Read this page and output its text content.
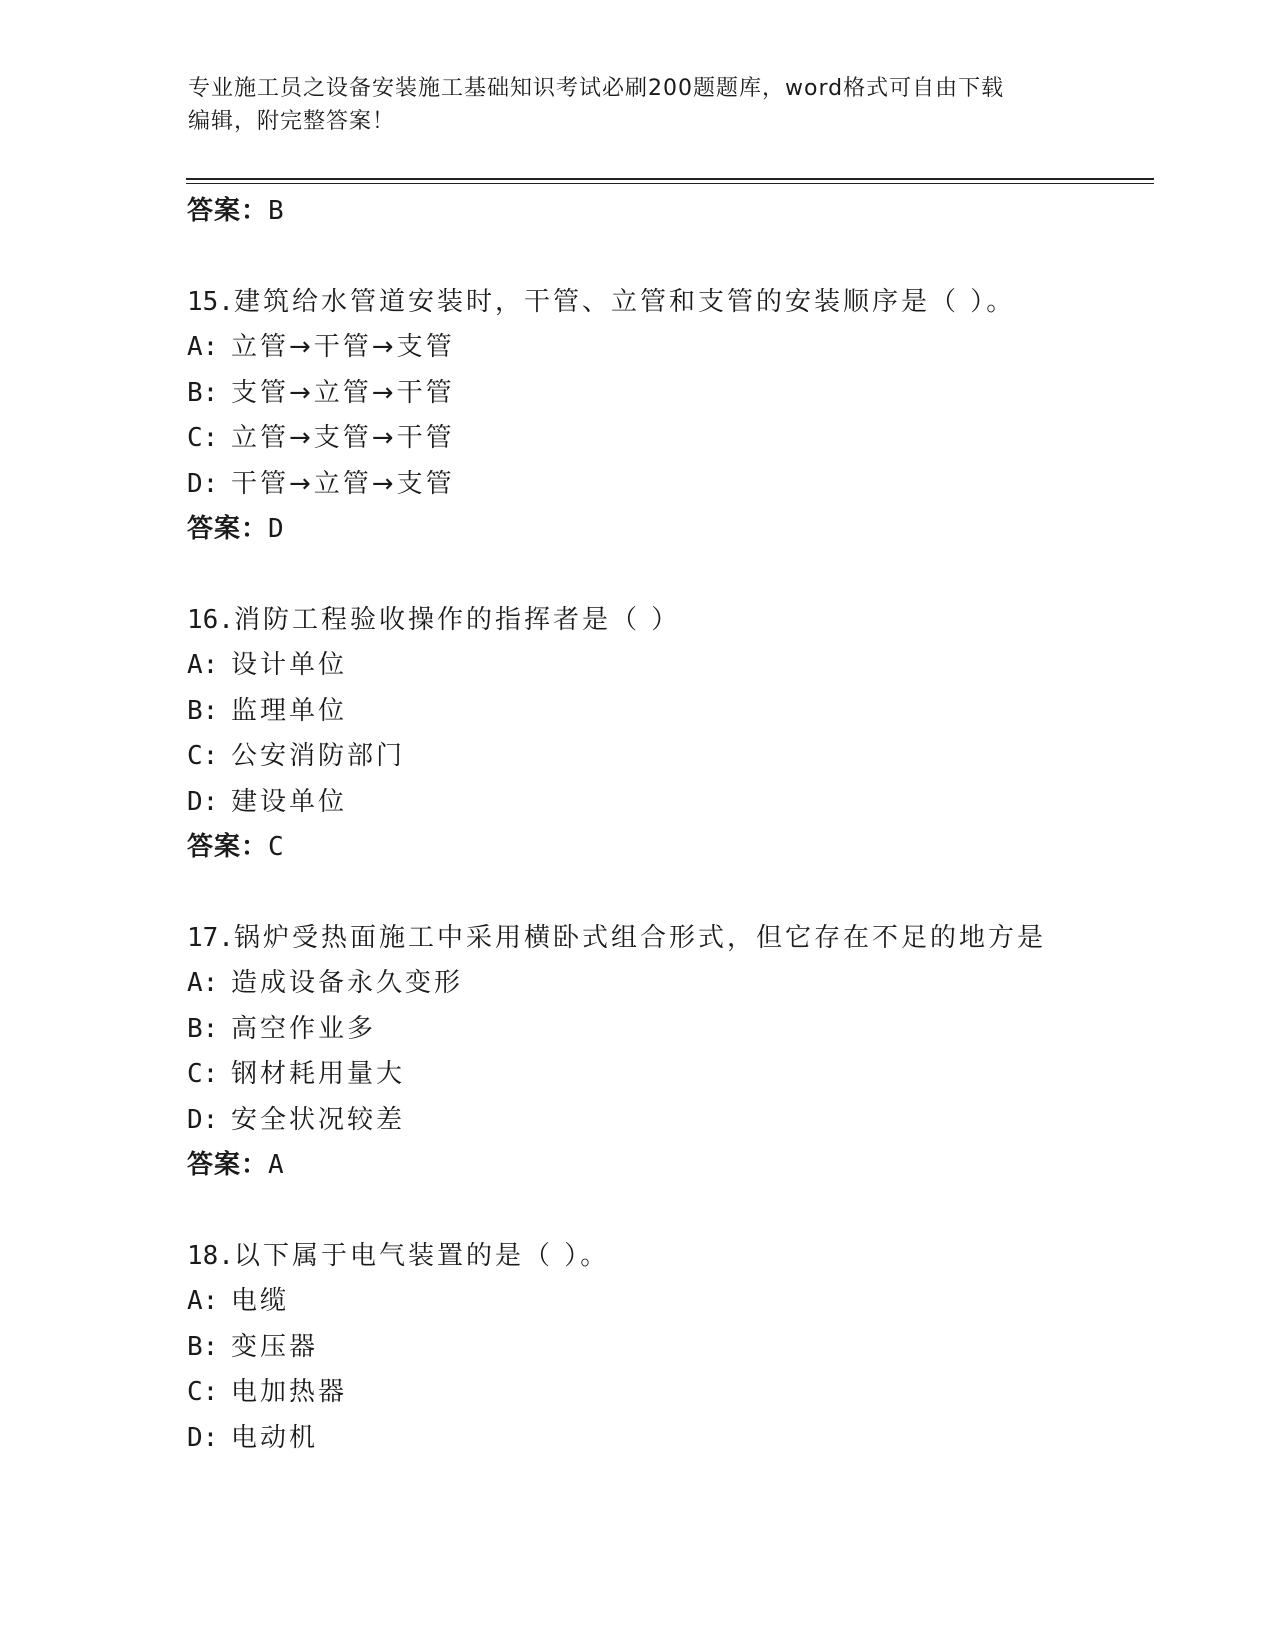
专业施工员之设备安装施工基础知识考试必刷200题题库，word格式可自由下载
编辑，附完整答案！
答案：B
15.建筑给水管道安装时，干管、立管和支管的安装顺序是（ ）。
A: 立管→干管→支管
B: 支管→立管→干管
C: 立管→支管→干管
D: 干管→立管→支管
答案：D
16.消防工程验收操作的指挥者是（ ）
A: 设计单位
B: 监理单位
C: 公安消防部门
D: 建设单位
答案：C
17.锅炉受热面施工中采用横卧式组合形式，但它存在不足的地方是
A: 造成设备永久变形
B: 高空作业多
C: 钢材耗用量大
D: 安全状况较差
答案：A
18.以下属于电气装置的是（ ）。
A: 电缆
B: 变压器
C: 电加热器
D: 电动机
